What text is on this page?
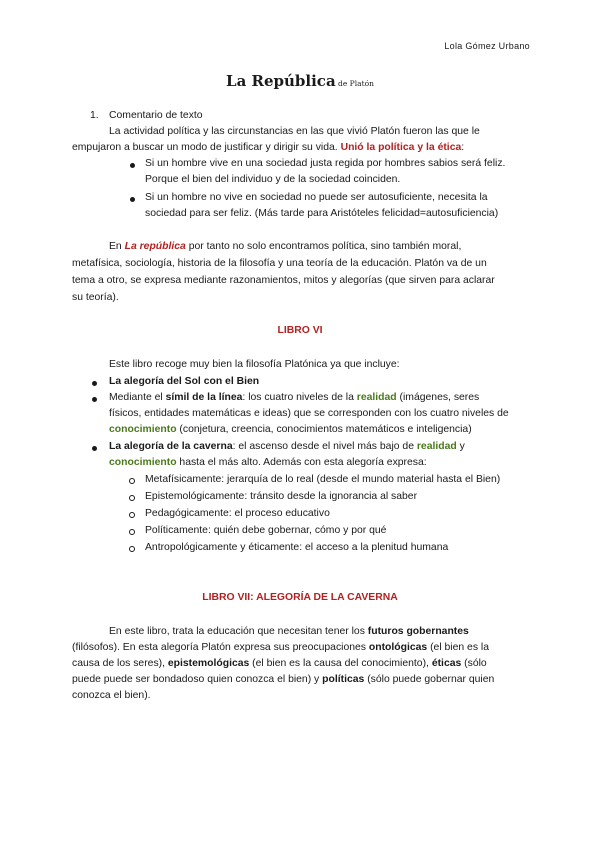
Lola Gómez Urbano
La República de Platón
1. Comentario de texto
La actividad política y las circunstancias en las que vivió Platón fueron las que le
empujaron a buscar un modo de justificar y dirigir su vida. Unió la política y la ética:
Si un hombre vive en una sociedad justa regida por hombres sabios será feliz.
Porque el bien del individuo y de la sociedad coinciden.
Si un hombre no vive en sociedad no puede ser autosuficiente, necesita la
sociedad para ser feliz. (Más tarde para Aristóteles felicidad=autosuficiencia)
En La república por tanto no solo encontramos política, sino también moral,
metafísica, sociología, historia de la filosofía y una teoría de la educación. Platón va de un
tema a otro, se expresa mediante razonamientos, mitos y alegorías (que sirven para aclarar
su teoría).
LIBRO VI
Este libro recoge muy bien la filosofía Platónica ya que incluye:
La alegoría del Sol con el Bien
Mediante el símil de la línea: los cuatro niveles de la realidad (imágenes, seres
físicos, entidades matemáticas e ideas) que se corresponden con los cuatro niveles de
conocimiento (conjetura, creencia, conocimientos matemáticos e inteligencia)
La alegoría de la caverna: el ascenso desde el nivel más bajo de realidad y
conocimiento hasta el más alto. Además con esta alegoría expresa:
Metafísicamente: jerarquía de lo real (desde el mundo material hasta el Bien)
Epistemológicamente: tránsito desde la ignorancia al saber
Pedagógicamente: el proceso educativo
Políticamente: quién debe gobernar, cómo y por qué
Antropológicamente y éticamente: el acceso a la plenitud humana
LIBRO VII: ALEGORÍA DE LA CAVERNA
En este libro, trata la educación que necesitan tener los futuros gobernantes
(filósofos). En esta alegoría Platón expresa sus preocupaciones ontológicas (el bien es la
causa de los seres), epistemológicas (el bien es la causa del conocimiento), éticas (sólo
puede puede ser bondadoso quien conozca el bien) y políticas (sólo puede gobernar quien
conozca el bien).
